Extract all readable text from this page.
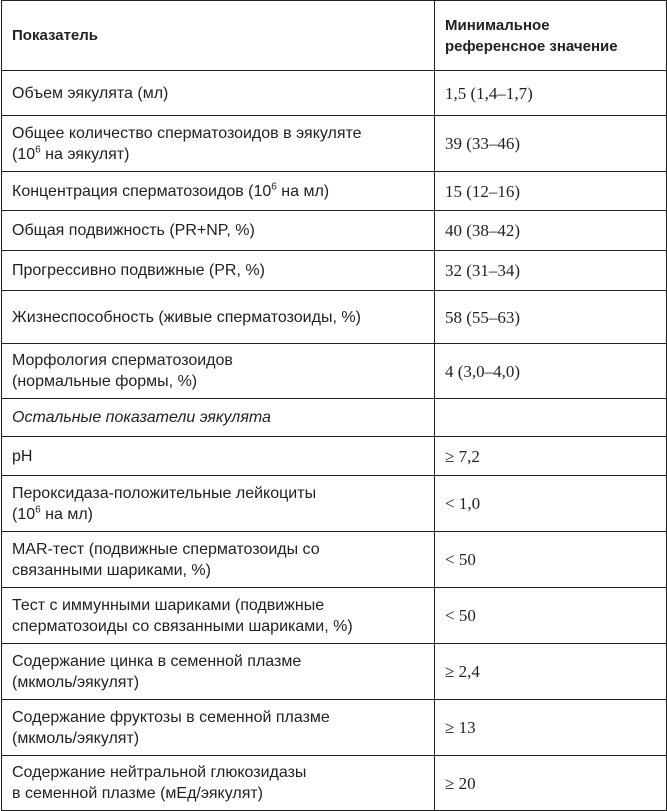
Показатель	Минимальное
референсное значение
Объем эякулята (мл)	1,5 (1,4–1,7)
Общее количество сперматозоидов в эякуляте
($10^6$ на эякулят)	39 (33–46)
Концентрация сперматозоидов ($10^6$ на мл)	15 (12–16)
Общая подвижность (PR+NP, %)	40 (38–42)
Прогрессивно подвижные (PR, %)	32 (31–34)
Жизнеспособность (живые сперматозоиды, %)	58 (55–63)
Морфология сперматозоидов
(нормальные формы, %)	4 (3,0–4,0)
Остальные показатели эякулята	
pH	≥ 7,2
Пероксидаза-положительные лейкоциты
($10^6$ на мл)	< 1,0
MAR-тест (подвижные сперматозоиды со
связанными шариками, %)	< 50
Тест с иммунными шариками (подвижные
сперматозоиды со связанными шариками, %)	< 50
Содержание цинка в семенной плазме
(мкмоль/эякулят)	≥ 2,4
Содержание фруктозы в семенной плазме
(мкмоль/эякулят)	≥ 13
Содержание нейтральной глюкозидазы
в семенной плазме (мЕд/эякулят)	≥ 20
